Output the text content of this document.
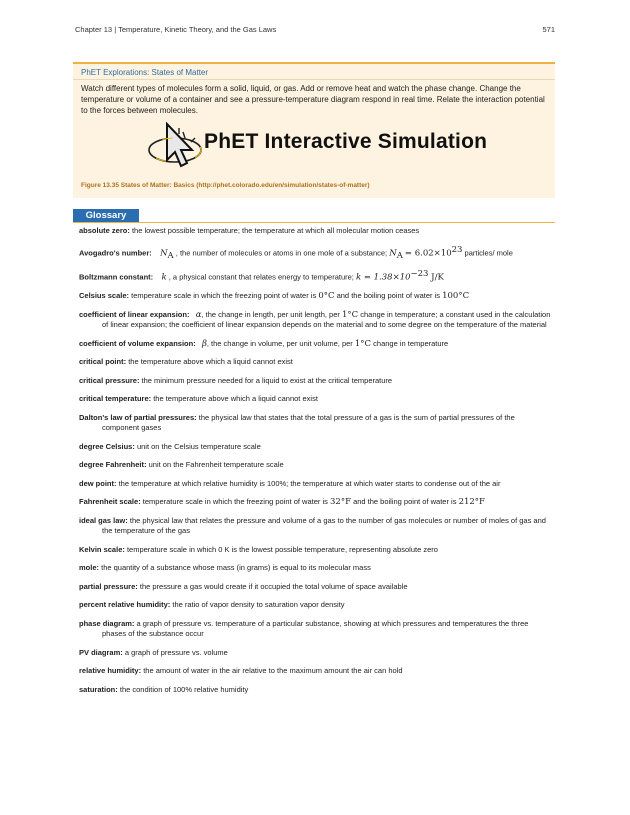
Chapter 13 | Temperature, Kinetic Theory, and the Gas Laws	571
PhET Explorations: States of Matter
Watch different types of molecules form a solid, liquid, or gas. Add or remove heat and watch the phase change. Change the temperature or volume of a container and see a pressure-temperature diagram respond in real time. Relate the interaction potential to the forces between molecules.
PhET Interactive Simulation
Figure 13.35 States of Matter: Basics (http://phet.colorado.edu/en/simulation/states-of-matter)
Glossary
absolute zero: the lowest possible temperature; the temperature at which all molecular motion ceases
Avogadro's number: $N_A$ , the number of molecules or atoms in one mole of a substance; $N_A = 6.02\times 10^{23}$ particles/ mole
Boltzmann constant: k , a physical constant that relates energy to temperature; $k = 1.38\times 10^{-23}$ J/K
Celsius scale: temperature scale in which the freezing point of water is 0°C and the boiling point of water is 100°C
coefficient of linear expansion: α, the change in length, per unit length, per 1°C change in temperature; a constant used in the calculation of linear expansion; the coefficient of linear expansion depends on the material and to some degree on the temperature of the material
coefficient of volume expansion: β, the change in volume, per unit volume, per 1°C change in temperature
critical point: the temperature above which a liquid cannot exist
critical pressure: the minimum pressure needed for a liquid to exist at the critical temperature
critical temperature: the temperature above which a liquid cannot exist
Dalton's law of partial pressures: the physical law that states that the total pressure of a gas is the sum of partial pressures of the component gases
degree Celsius: unit on the Celsius temperature scale
degree Fahrenheit: unit on the Fahrenheit temperature scale
dew point: the temperature at which relative humidity is 100%; the temperature at which water starts to condense out of the air
Fahrenheit scale: temperature scale in which the freezing point of water is 32°F and the boiling point of water is 212°F
ideal gas law: the physical law that relates the pressure and volume of a gas to the number of gas molecules or number of moles of gas and the temperature of the gas
Kelvin scale: temperature scale in which 0 K is the lowest possible temperature, representing absolute zero
mole: the quantity of a substance whose mass (in grams) is equal to its molecular mass
partial pressure: the pressure a gas would create if it occupied the total volume of space available
percent relative humidity: the ratio of vapor density to saturation vapor density
phase diagram: a graph of pressure vs. temperature of a particular substance, showing at which pressures and temperatures the three phases of the substance occur
PV diagram: a graph of pressure vs. volume
relative humidity: the amount of water in the air relative to the maximum amount the air can hold
saturation: the condition of 100% relative humidity
